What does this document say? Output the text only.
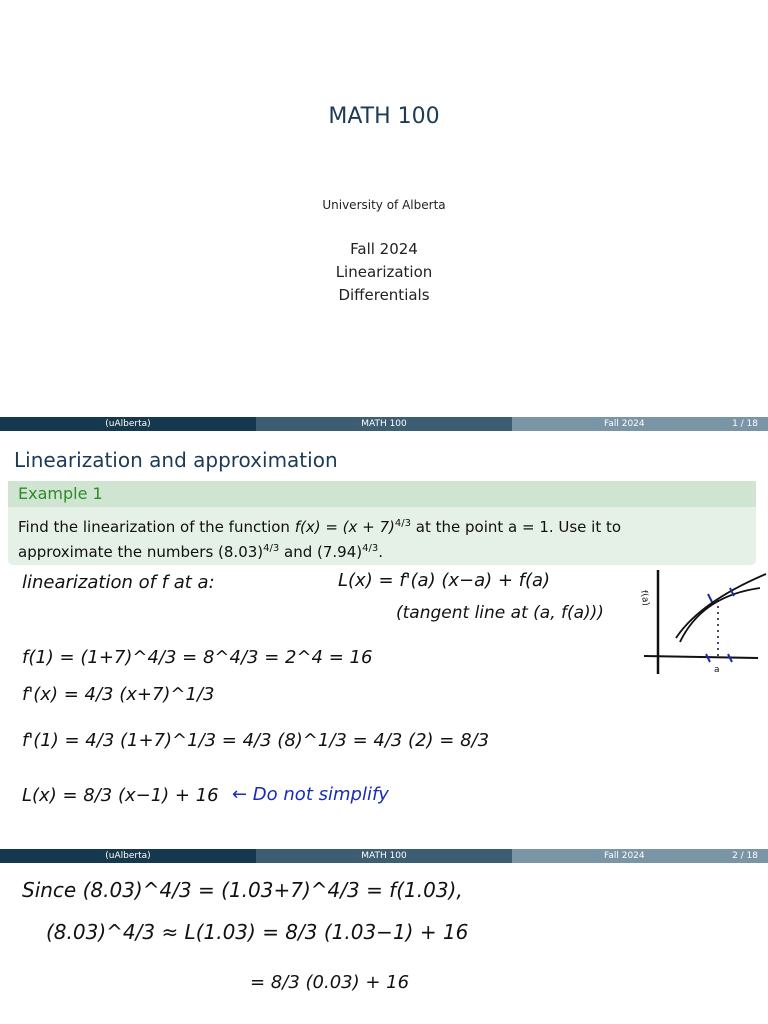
MATH 100
University of Alberta
Fall 2024
Linearization
Differentials
(uAlberta)	MATH 100	Fall 2024	1 / 18
Linearization and approximation
Example 1
Find the linearization of the function $f(x) = (x + 7)^{4/3}$ at the point a = 1. Use it to
approximate the numbers $(8.03)^{4/3}$ and $(7.94)^{4/3}$.
linearization of f at a:	L(x) = f'(a) (x−a) + f(a)
(tangent line at (a, f(a)))
f(1) = (1+7)^4/3 = 8^4/3 = 2^4 = 16
f'(x) = 4/3 (x+7)^1/3
f'(1) = 4/3 (1+7)^1/3 = 4/3 (8)^1/3 = 4/3 (2) = 8/3
L(x) = 8/3 (x−1) + 16 ← Do not simplify
f(a)
a
(uAlberta)	MATH 100	Fall 2024	2 / 18
Since (8.03)^4/3 = (1.03+7)^4/3 = f(1.03),
(8.03)^4/3 ≈ L(1.03) = 8/3 (1.03−1) + 16
= 8/3 (0.03) + 16
